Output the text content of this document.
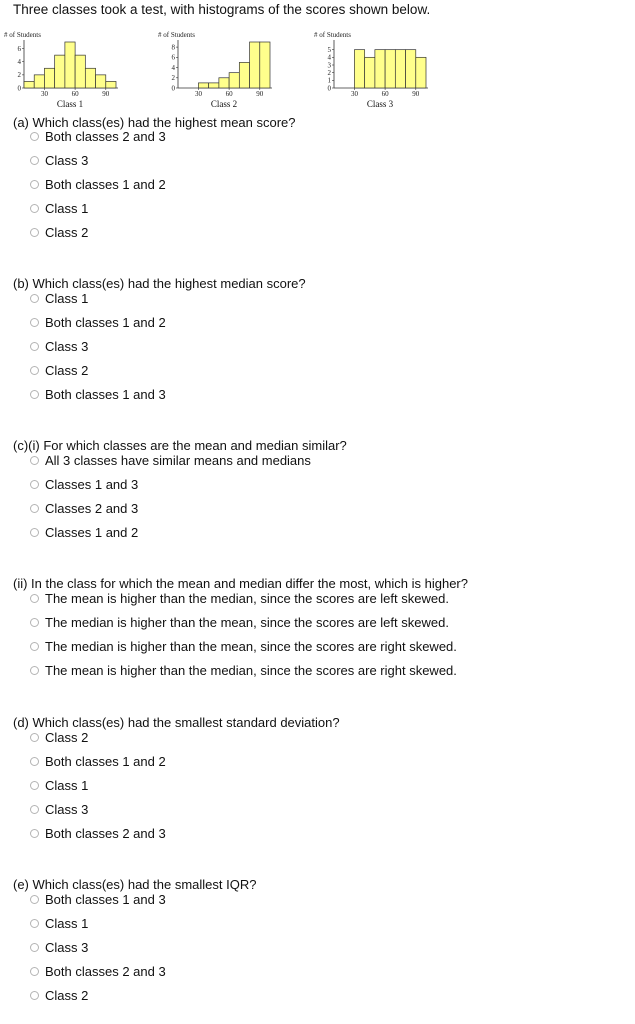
Three classes took a test, with histograms of the scores shown below.
# of Students
0
2
4
6
30	60	90
Class 1
# of Students
0
2
4
6
8
30	60	90
Class 2
# of Students
0
1
2
3
4
5
30	60	90
Class 3
(a) Which class(es) had the highest mean score?
Both classes 2 and 3
Class 3
Both classes 1 and 2
Class 1
Class 2
(b) Which class(es) had the highest median score?
Class 1
Both classes 1 and 2
Class 3
Class 2
Both classes 1 and 3
(c)(i) For which classes are the mean and median similar?
All 3 classes have similar means and medians
Classes 1 and 3
Classes 2 and 3
Classes 1 and 2
(ii) In the class for which the mean and median differ the most, which is higher?
The mean is higher than the median, since the scores are left skewed.
The median is higher than the mean, since the scores are left skewed.
The median is higher than the mean, since the scores are right skewed.
The mean is higher than the median, since the scores are right skewed.
(d) Which class(es) had the smallest standard deviation?
Class 2
Both classes 1 and 2
Class 1
Class 3
Both classes 2 and 3
(e) Which class(es) had the smallest IQR?
Both classes 1 and 3
Class 1
Class 3
Both classes 2 and 3
Class 2
